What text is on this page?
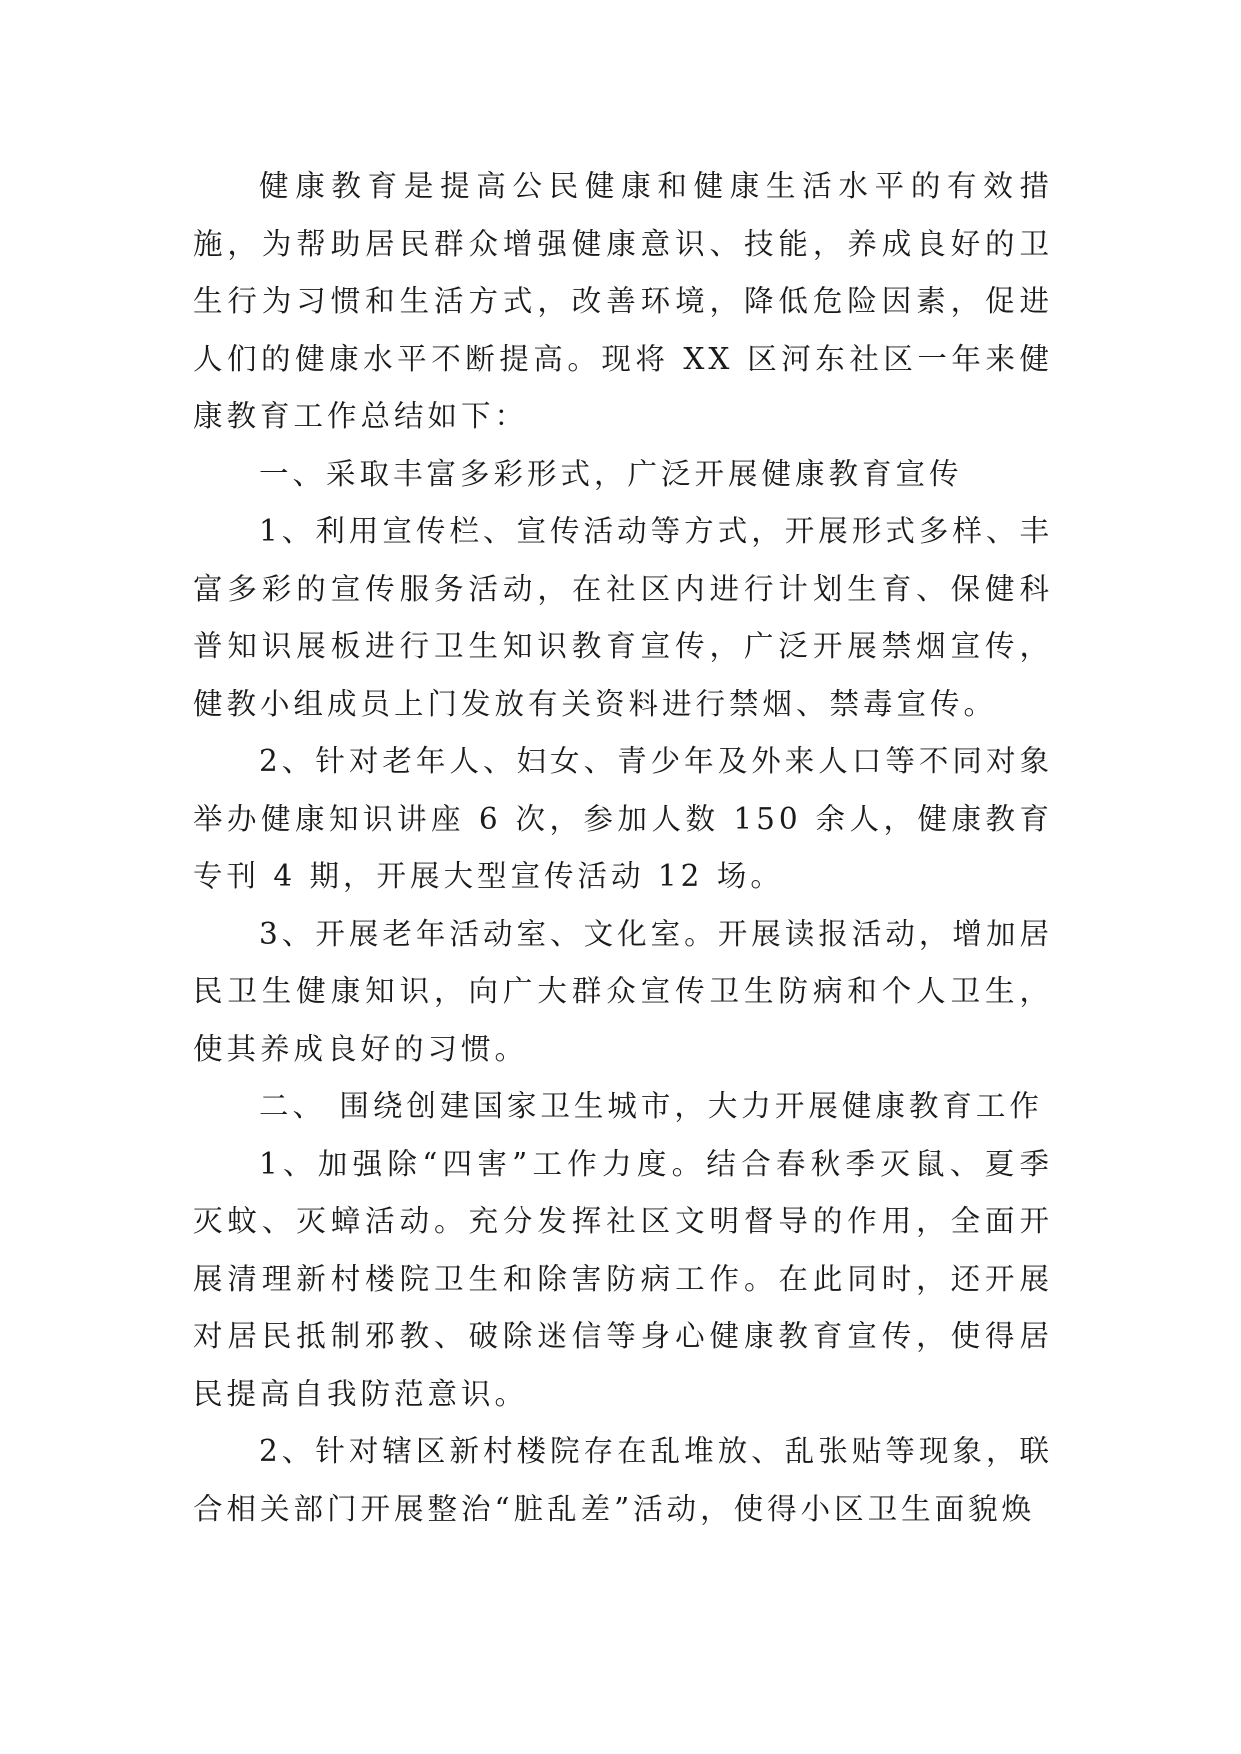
健康教育是提高公民健康和健康生活水平的有效措施，为帮助居民群众增强健康意识、技能，养成良好的卫生行为习惯和生活方式，改善环境，降低危险因素，促进人们的健康水平不断提高。现将 XX 区河东社区一年来健康教育工作总结如下：

一、采取丰富多彩形式，广泛开展健康教育宣传

1、利用宣传栏、宣传活动等方式，开展形式多样、丰富多彩的宣传服务活动，在社区内进行计划生育、保健科普知识展板进行卫生知识教育宣传，广泛开展禁烟宣传，健教小组成员上门发放有关资料进行禁烟、禁毒宣传。

2、针对老年人、妇女、青少年及外来人口等不同对象举办健康知识讲座 6 次，参加人数 150 余人，健康教育专刊 4 期，开展大型宣传活动 12 场。

3、开展老年活动室、文化室。开展读报活动，增加居民卫生健康知识，向广大群众宣传卫生防病和个人卫生，使其养成良好的习惯。

二、 围绕创建国家卫生城市，大力开展健康教育工作

1、加强除“四害”工作力度。结合春秋季灭鼠、夏季灭蚊、灭蟑活动。充分发挥社区文明督导的作用，全面开展清理新村楼院卫生和除害防病工作。在此同时，还开展对居民抵制邪教、破除迷信等身心健康教育宣传，使得居民提高自我防范意识。

2、针对辖区新村楼院存在乱堆放、乱张贴等现象，联合相关部门开展整治“脏乱差”活动，使得小区卫生面貌焕
